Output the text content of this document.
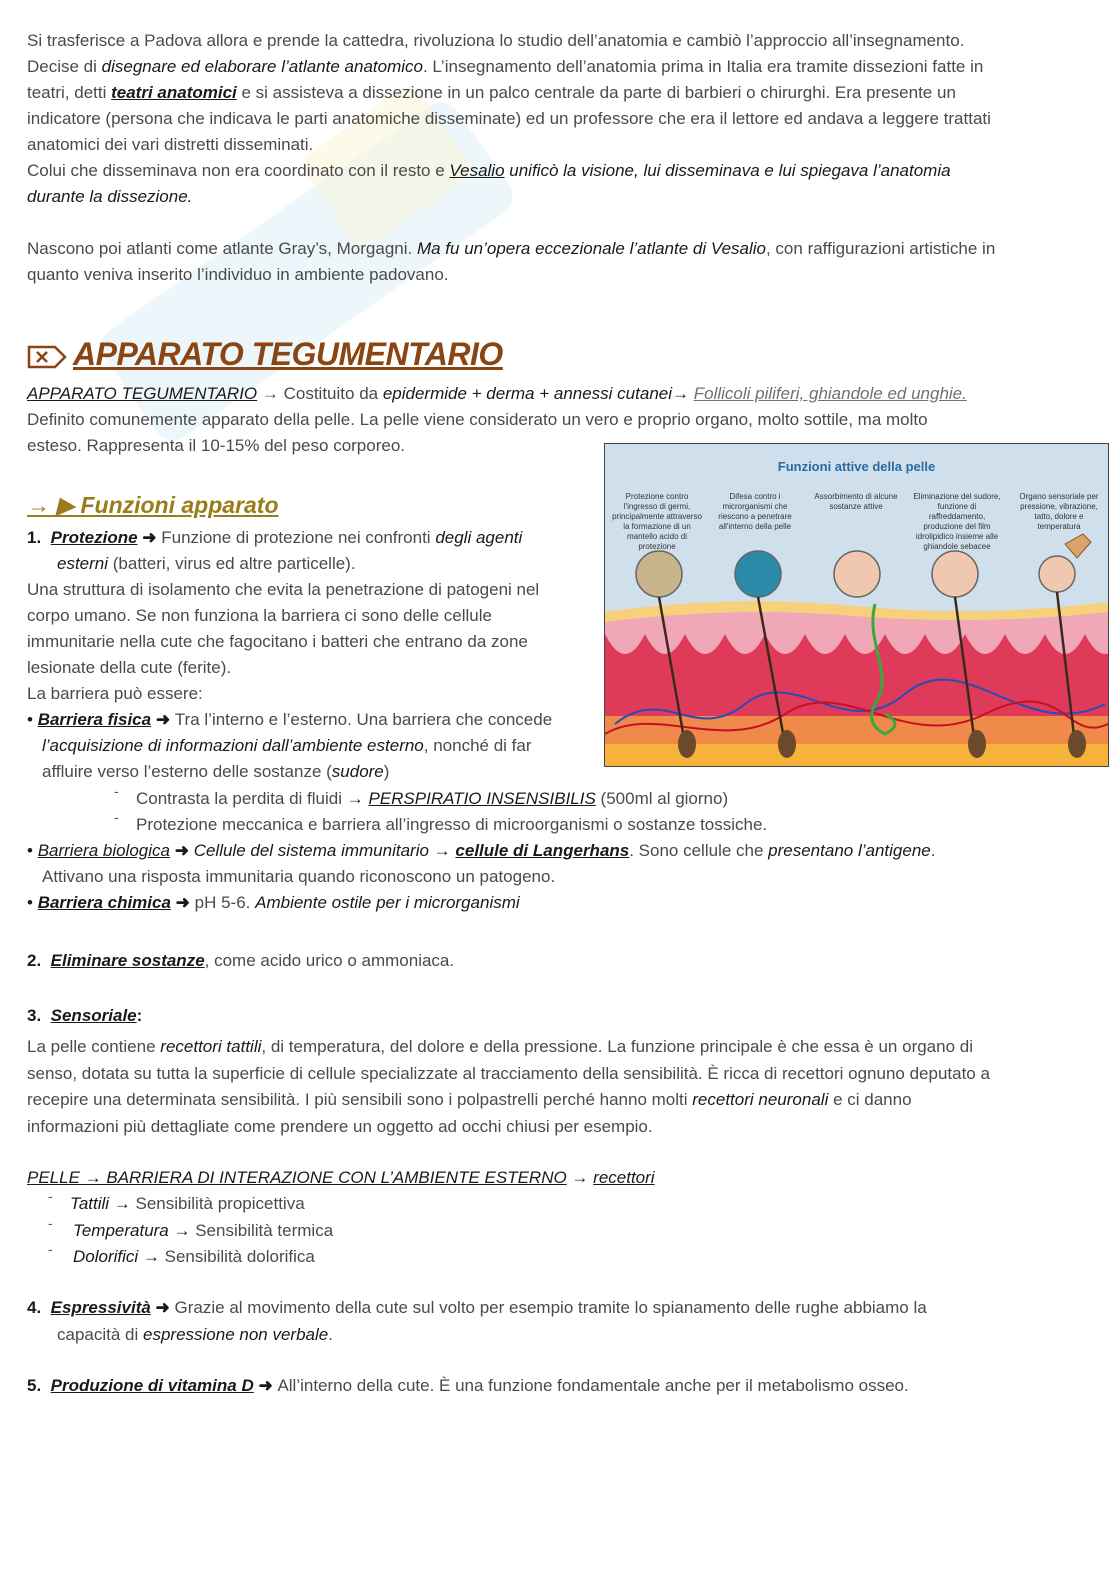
Si trasferisce a Padova allora e prende la cattedra, rivoluziona lo studio dell’anatomia e cambiò l’approccio all’insegnamento.
Decise di disegnare ed elaborare l’atlante anatomico. L’insegnamento dell’anatomia prima in Italia era tramite dissezioni fatte in
teatri, detti teatri anatomici e si assisteva a dissezione in un palco centrale da parte di barbieri o chirurghi. Era presente un
indicatore (persona che indicava le parti anatomiche disseminate) ed un professore che era il lettore ed andava a leggere trattati
anatomici dei vari distretti disseminati.
Colui che disseminava non era coordinato con il resto e Vesalio unificò la visione, lui disseminava e lui spiegava l’anatomia
durante la dissezione.
Nascono poi atlanti come atlante Gray’s, Morgagni. Ma fu un’opera eccezionale l’atlante di Vesalio, con raffigurazioni artistiche in
quanto veniva inserito l’individuo in ambiente padovano.
APPARATO TEGUMENTARIO
APPARATO TEGUMENTARIO → Costituito da epidermide + derma + annessi cutanei→ Follicoli piliferi, ghiandole ed unghie.
Definito comunemente apparato della pelle. La pelle viene considerato un vero e proprio organo, molto sottile, ma molto
esteso. Rappresenta il 10-15% del peso corporeo.
Funzioni attive della pelle
Protezione contro l'ingresso di germi, principalmente attraverso la formazione di un mantello acido di protezione
Difesa contro i microrganismi che riescono a penetrare all'interno della pelle
Assorbimento di alcune sostanze attive
Eliminazione del sudore, funzione di raffreddamento, produzione del film idrolipidico insieme alle ghiandole sebacee
Organo sensoriale per pressione, vibrazione, tatto, dolore e temperatura
→ ▶ Funzioni apparato
1. Protezione ➜ Funzione di protezione nei confronti degli agenti
esterni (batteri, virus ed altre particelle).
Una struttura di isolamento che evita la penetrazione di patogeni nel
corpo umano. Se non funziona la barriera ci sono delle cellule
immunitarie nella cute che fagocitano i batteri che entrano da zone
lesionate della cute (ferite).
La barriera può essere:
• Barriera fisica ➜ Tra l’interno e l’esterno. Una barriera che concede
l’acquisizione di informazioni dall’ambiente esterno, nonché di far
affluire verso l’esterno delle sostanze (sudore)
- Contrasta la perdita di fluidi → PERSPIRATIO INSENSIBILIS (500ml al giorno)
- Protezione meccanica e barriera all’ingresso di microorganismi o sostanze tossiche.
• Barriera biologica ➜ Cellule del sistema immunitario → cellule di Langerhans. Sono cellule che presentano l’antigene.
Attivano una risposta immunitaria quando riconoscono un patogeno.
• Barriera chimica ➜ pH 5-6. Ambiente ostile per i microrganismi
2. Eliminare sostanze, come acido urico o ammoniaca.
3. Sensoriale:
La pelle contiene recettori tattili, di temperatura, del dolore e della pressione. La funzione principale è che essa è un organo di
senso, dotata su tutta la superficie di cellule specializzate al tracciamento della sensibilità. È ricca di recettori ognuno deputato a
recepire una determinata sensibilità. I più sensibili sono i polpastrelli perché hanno molti recettori neuronali e ci danno
informazioni più dettagliate come prendere un oggetto ad occhi chiusi per esempio.
PELLE → BARRIERA DI INTERAZIONE CON L’AMBIENTE ESTERNO → recettori
- Tattili → Sensibilità propicettiva
- Temperatura → Sensibilità termica
- Dolorifici → Sensibilità dolorifica
4. Espressività ➜ Grazie al movimento della cute sul volto per esempio tramite lo spianamento delle rughe abbiamo la
capacità di espressione non verbale.
5. Produzione di vitamina D ➜ All’interno della cute. È una funzione fondamentale anche per il metabolismo osseo.
